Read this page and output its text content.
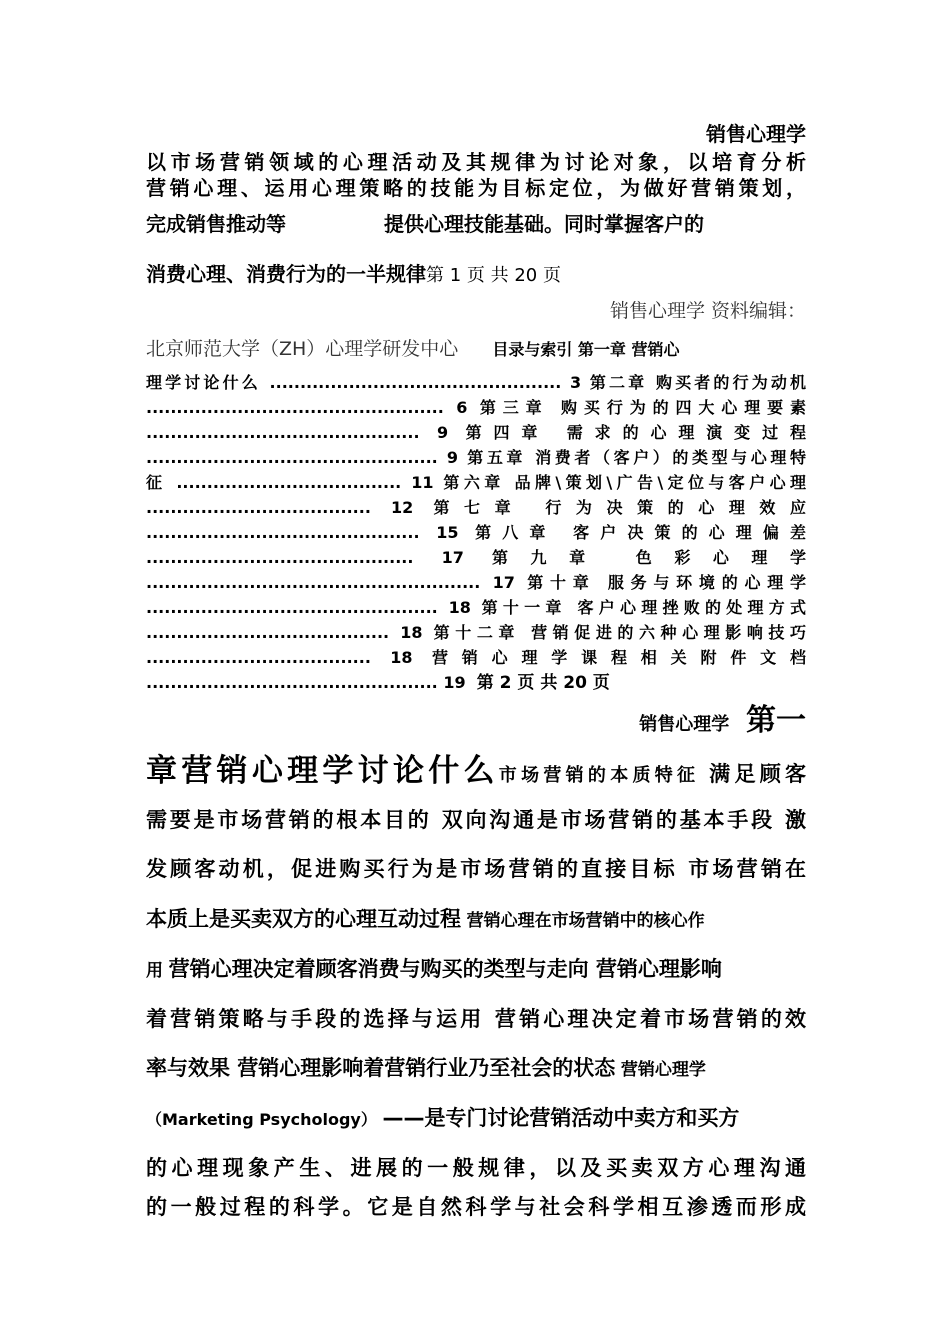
销售心理学
以市场营销领域的心理活动及其规律为讨论对象，以培育分析
营销心理、运用心理策略的技能为目标定位，为做好营销策划，
完成销售推动等	提供心理技能基础。同时掌握客户的
消费心理、消费行为的一半规律第 1 页 共 20 页
销售心理学 资料编辑：
北京师范大学（ZH）心理学研发中心 目录与索引 第一章 营销心
理学讨论什么 ................................................ 3 第二章 购买者的行为动机
................................................. 6 第三章 购买行为的四大心理要素
............................................. 9 第四章 需求的心理演变过程
................................................ 9 第五章 消费者（客户）的类型与心理特
征 ..................................... 11 第六章 品牌\策划\广告\定位与客户心理
..................................... 12 第七章 行为决策的心理效应
............................................. 15 第八章 客户决策的心理偏差
............................................ 17 第九章 色彩心理学
....................................................... 17 第十章 服务与环境的心理学
................................................ 18 第十一章 客户心理挫败的处理方式
........................................ 18 第十二章 营销促进的六种心理影响技巧
..................................... 18 营销心理学课程相关附件文档
................................................ 19 第 2 页 共 20 页
销售心理学 第一
章营销心理学讨论什么市场营销的本质特征 满足顾客
需要是市场营销的根本目的 双向沟通是市场营销的基本手段 激
发顾客动机，促进购买行为是市场营销的直接目标 市场营销在
本质上是买卖双方的心理互动过程 营销心理在市场营销中的核心作
用 营销心理决定着顾客消费与购买的类型与走向 营销心理影响
着营销策略与手段的选择与运用 营销心理决定着市场营销的效
率与效果 营销心理影响着营销行业乃至社会的状态 营销心理学
（Marketing Psychology） ——是专门讨论营销活动中卖方和买方
的心理现象产生、进展的一般规律，以及买卖双方心理沟通
的一般过程的科学。它是自然科学与社会科学相互渗透而形成
